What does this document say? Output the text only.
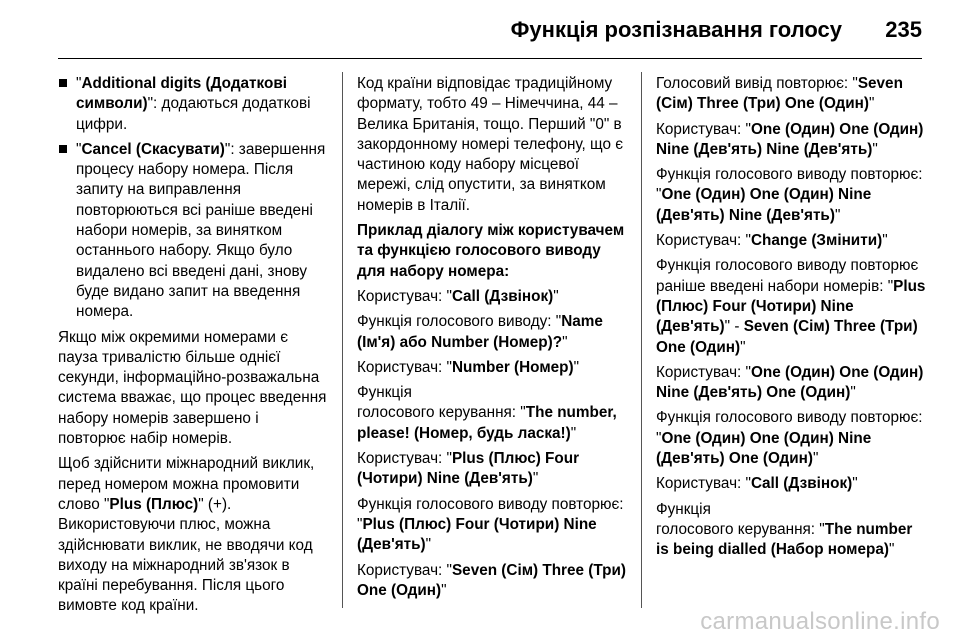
Функція розпізнавання голосу 235
"Additional digits (Додаткові символи)": додаються додаткові цифри.
"Cancel (Скасувати)": завершення процесу набору номера. Після запиту на виправлення повторюються всі раніше введені набори номерів, за винятком останнього набору. Якщо було видалено всі введені дані, знову буде видано запит на введення номера.

Якщо між окремими номерами є пауза тривалістю більше однієї секунди, інформаційно-розважальна система вважає, що процес введення набору номерів завершено і повторює набір номерів.

Щоб здійснити міжнародний виклик, перед номером можна промовити слово "Plus (Плюс)" (+). Використовуючи плюс, можна здійснювати виклик, не вводячи код виходу на міжнародний зв'язок в країні перебування. Після цього вимовте код країни.

Код країни відповідає традиційному формату, тобто 49 – Німеччина, 44 – Велика Британія, тощо. Перший "0" в закордонному номері телефону, що є частиною коду набору місцевої мережі, слід опустити, за винятком номерів в Італії.

Приклад діалогу між користувачем та функцією голосового виводу для набору номера:

Користувач: "Call (Дзвінок)"

Функція голосового виводу: "Name (Ім'я) або Number (Номер)?"

Користувач: "Number (Номер)"

Функція
голосового керування: "The number, please! (Номер, будь ласка!)"

Користувач: "Plus (Плюс) Four (Чотири) Nine (Дев'ять)"

Функція голосового виводу повторює: "Plus (Плюс) Four (Чотири) Nine (Дев'ять)"

Користувач: "Seven (Сім) Three (Три) One (Один)"

Голосовий вивід повторює: "Seven (Сім) Three (Три) One (Один)"

Користувач: "One (Один) One (Один) Nine (Дев'ять) Nine (Дев'ять)"

Функція голосового виводу повторює: "One (Один) One (Один) Nine (Дев'ять) Nine (Дев'ять)"

Користувач: "Change (Змінити)"

Функція голосового виводу повторює раніше введені набори номерів: "Plus (Плюс) Four (Чотири) Nine (Дев'ять)" - Seven (Сім) Three (Три) One (Один)"

Користувач: "One (Один) One (Один) Nine (Дев'ять) One (Один)"

Функція голосового виводу повторює: "One (Один) One (Один) Nine (Дев'ять) One (Один)"

Користувач: "Call (Дзвінок)"

Функція
голосового керування: "The number is being dialled (Набор номера)"

carmanualsonline.info
